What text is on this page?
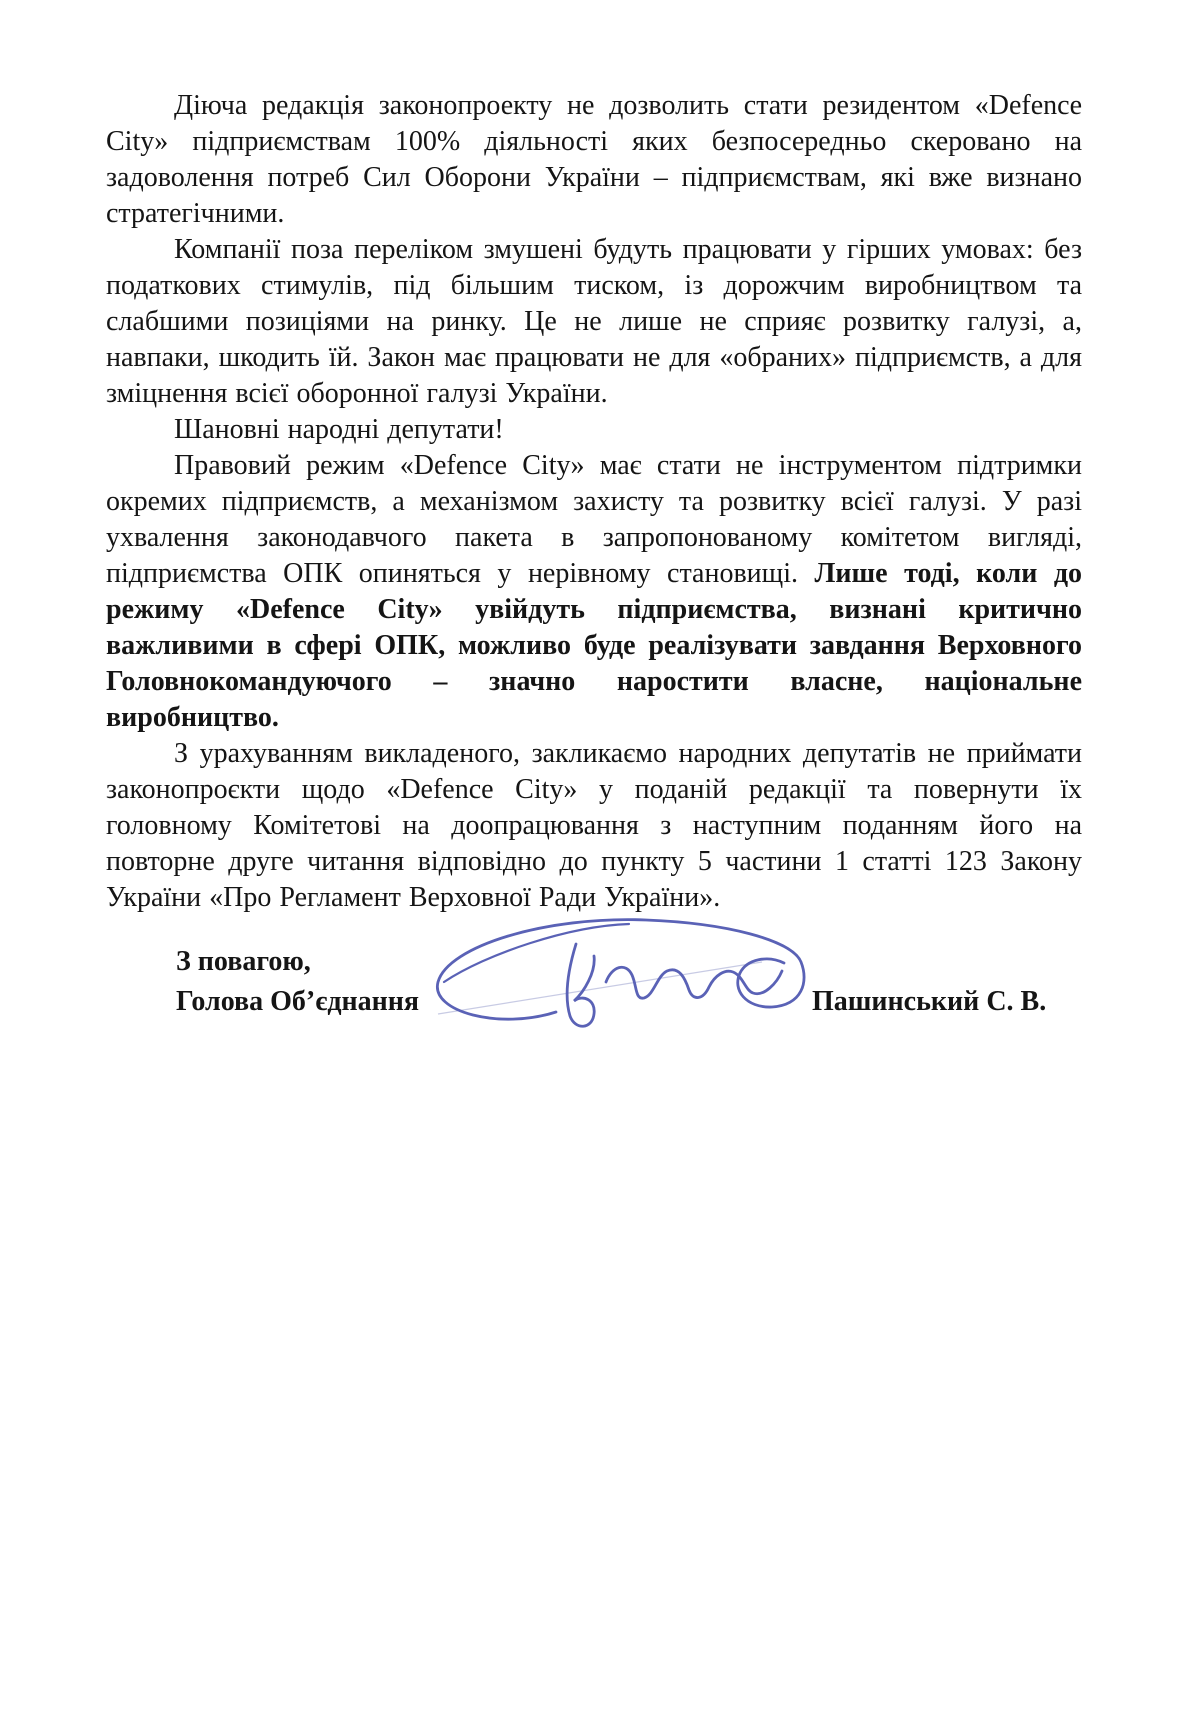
Діюча редакція законопроекту не дозволить стати резидентом «Defence City» підприємствам 100% діяльності яких безпосередньо скеровано на задоволення потреб Сил Оборони України – підприємствам, які вже визнано стратегічними.

Компанії поза переліком змушені будуть працювати у гірших умовах: без податкових стимулів, під більшим тиском, із дорожчим виробництвом та слабшими позиціями на ринку. Це не лише не сприяє розвитку галузі, а, навпаки, шкодить їй. Закон має працювати не для «обраних» підприємств, а для зміцнення всієї оборонної галузі України.

Шановні народні депутати!

Правовий режим «Defence City» має стати не інструментом підтримки окремих підприємств, а механізмом захисту та розвитку всієї галузі. У разі ухвалення законодавчого пакета в запропонованому комітетом вигляді, підприємства ОПК опиняться у нерівному становищі. Лише тоді, коли до режиму «Defence City» увійдуть підприємства, визнані критично важливими в сфері ОПК, можливо буде реалізувати завдання Верховного Головнокомандуючого – значно наростити власне, національне виробництво.

З урахуванням викладеного, закликаємо народних депутатів не приймати законопроєкти щодо «Defence City» у поданій редакції та повернути їх головному Комітетові на доопрацювання з наступним поданням його на повторне друге читання відповідно до пункту 5 частини 1 статті 123 Закону України «Про Регламент Верховної Ради України».

З повагою,

Голова Об’єднання	Пашинський С. В.
